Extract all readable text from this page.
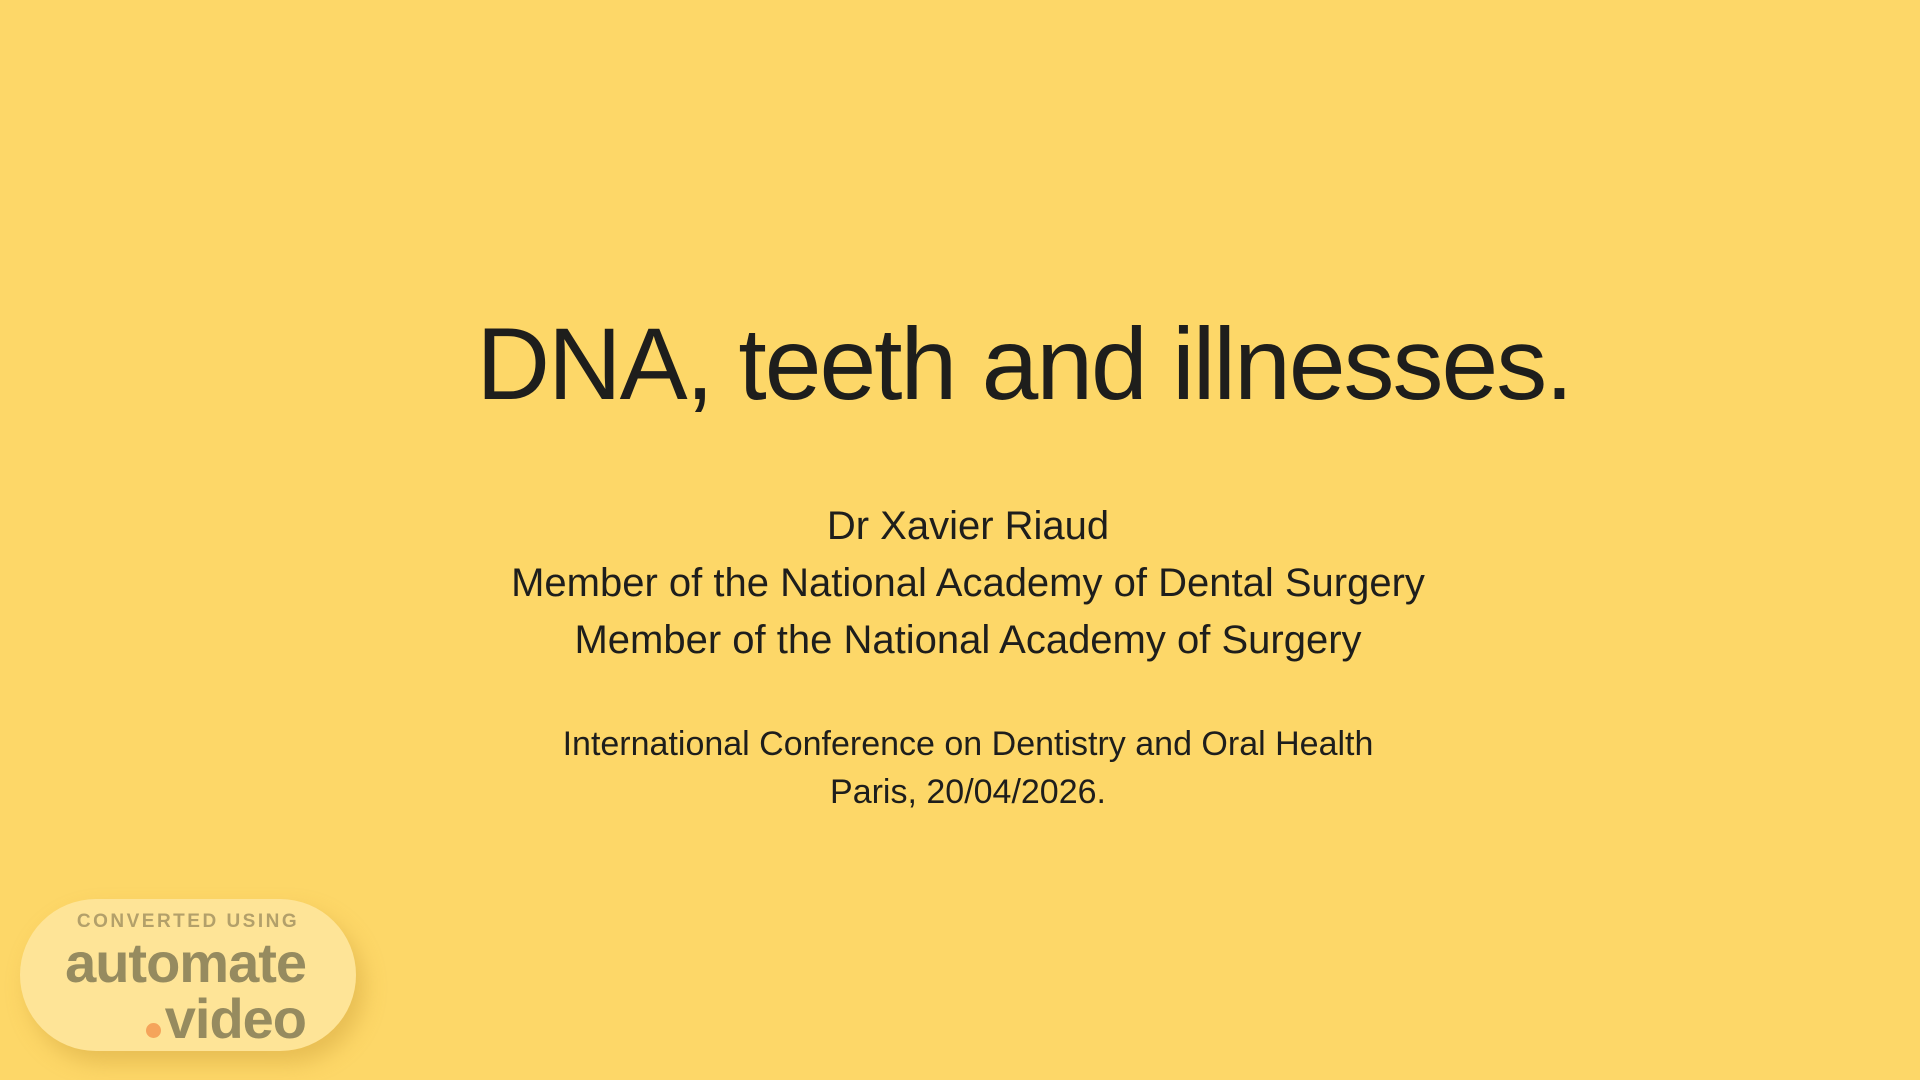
DNA, teeth and illnesses.
Dr Xavier Riaud
Member of the National Academy of Dental Surgery
Member of the National Academy of Surgery
International Conference on Dentistry and Oral Health
Paris, 20/04/2026.
CONVERTED USING
automate
video
